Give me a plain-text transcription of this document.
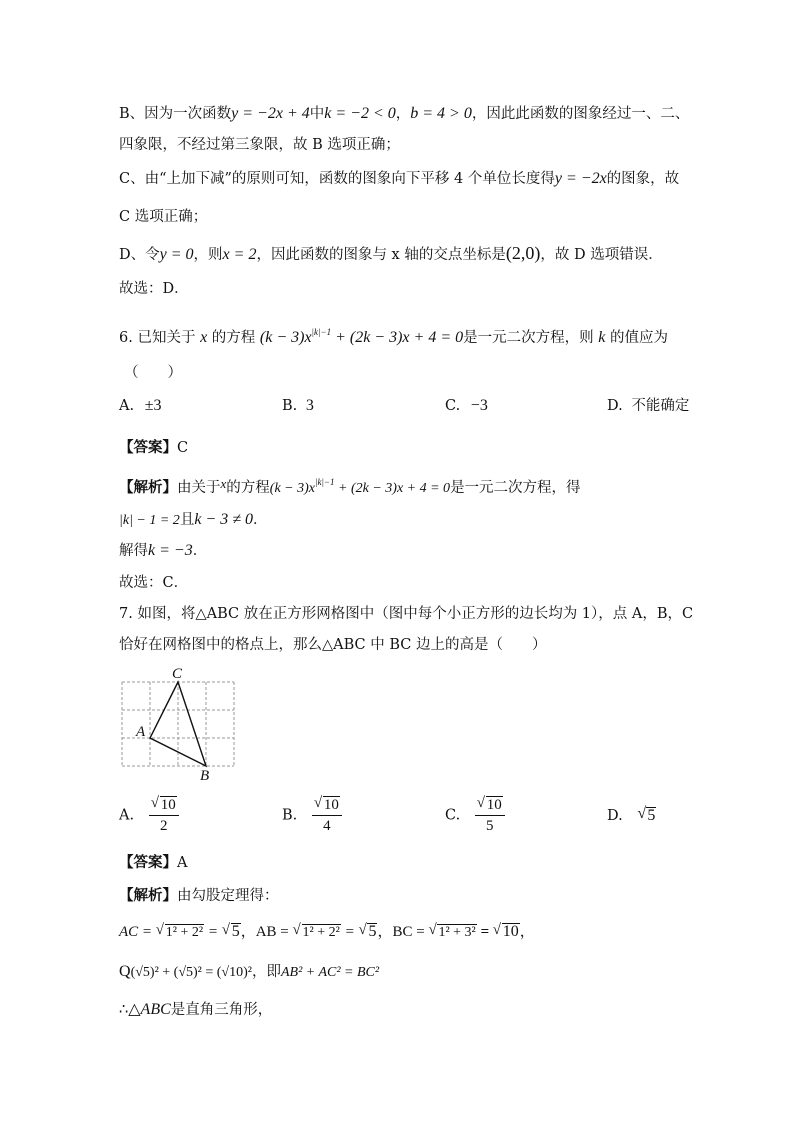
B、因为一次函数y = −2x + 4中k = −2 < 0，b = 4 > 0，因此此函数的图象经过一、二、
四象限，不经过第三象限，故 B 选项正确；
C、由“上加下减”的原则可知，函数的图象向下平移 4 个单位长度得y = −2x的图象，故
C 选项正确；
D、令y = 0，则x = 2，因此函数的图象与 x 轴的交点坐标是(2,0)，故 D 选项错误．
故选：D．
6. 已知关于 x 的方程 $(k - 3)x^{|k|-1} + (2k - 3)x + 4 = 0$是一元二次方程，则 k 的值应为
（　　）
A. ±3	B. 3	C. −3	D. 不能确定
【答案】C
【解析】由关于x的方程$(k - 3)x^{|k|-1} + (2k - 3)x + 4 = 0$是一元二次方程，得
|k| − 1 = 2且k − 3 ≠ 0．
解得k = −3．
故选：C．
7. 如图，将△ABC 放在正方形网格图中（图中每个小正方形的边长均为 1），点 A，B，C
恰好在网格图中的格点上，那么△ABC 中 BC 边上的高是（　　）
C
A
B
A. $\frac{√ 10}{2}$	B. $\frac{√ 10}{4}$	C. $\frac{√ 10}{5}$	D. √ 5
【答案】A
【解析】由勾股定理得：
AC = √ 1² + 2² = √ 5，AB = √ 1² + 2² = √ 5，BC = √ 1² + 3² = √ 10，
Q(√5)² + (√5)² = (√10)²，即AB² + AC² = BC²
∴△ABC是直角三角形，
